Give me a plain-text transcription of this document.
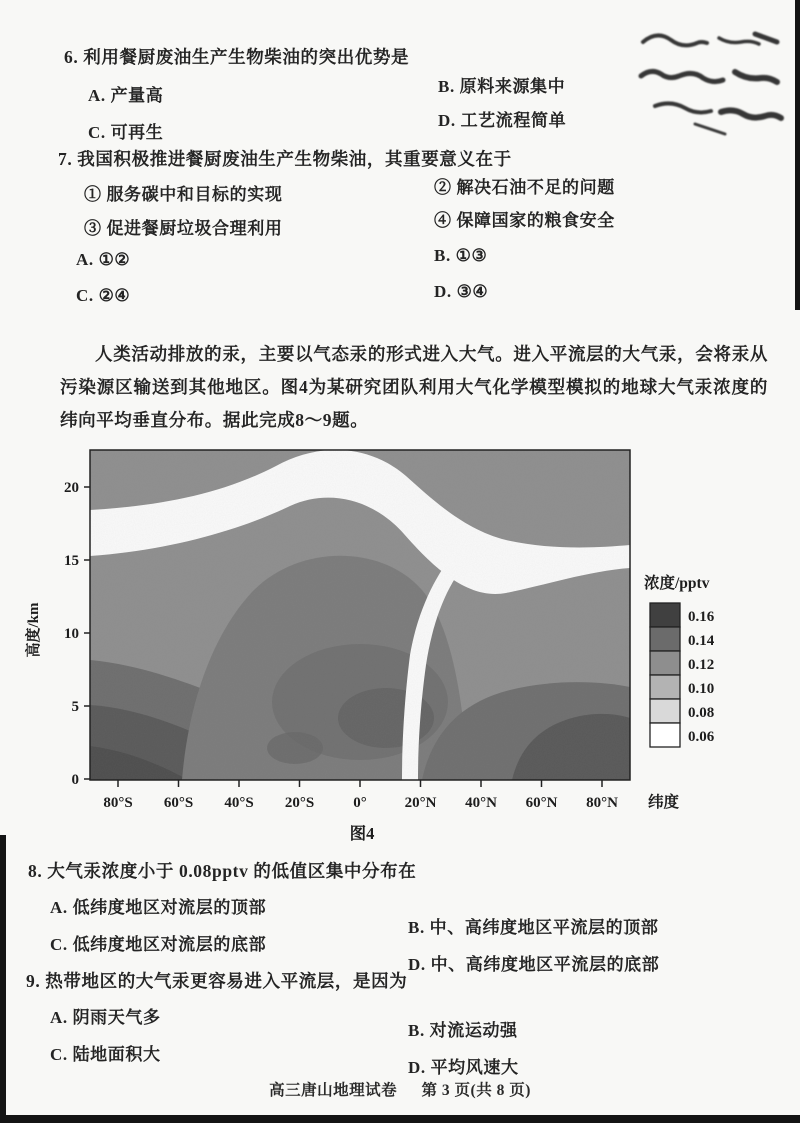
6. 利用餐厨废油生产生物柴油的突出优势是
A. 产量高	B. 原料来源集中
C. 可再生
D. 工艺流程简单
7. 我国积极推进餐厨废油生产生物柴油，其重要意义在于
① 服务碳中和目标的实现	② 解决石油不足的问题
③ 促进餐厨垃圾合理利用	④ 保障国家的粮食安全
A. ①②	B. ①③
C. ②④	D. ③④
人类活动排放的汞，主要以气态汞的形式进入大气。进入平流层的大气汞，会将汞从污染源区输送到其他地区。图4为某研究团队利用大气化学模型模拟的地球大气汞浓度的纬向平均垂直分布。据此完成8～9题。
20
15
10
5
0
高度/km
80°S 60°S 40°S 20°S	0°	20°N 40°N 60°N 80°N 纬度
浓度/pptv
0.16
0.14
0.12
0.10
0.08
0.06
图4
8. 大气汞浓度小于 0.08pptv 的低值区集中分布在
A. 低纬度地区对流层的顶部
B. 中、高纬度地区平流层的顶部
C. 低纬度地区对流层的底部
D. 中、高纬度地区平流层的底部
9. 热带地区的大气汞更容易进入平流层，是因为
A. 阴雨天气多
B. 对流运动强
C. 陆地面积大
D. 平均风速大
高三唐山地理试卷 第 3 页(共 8 页)
